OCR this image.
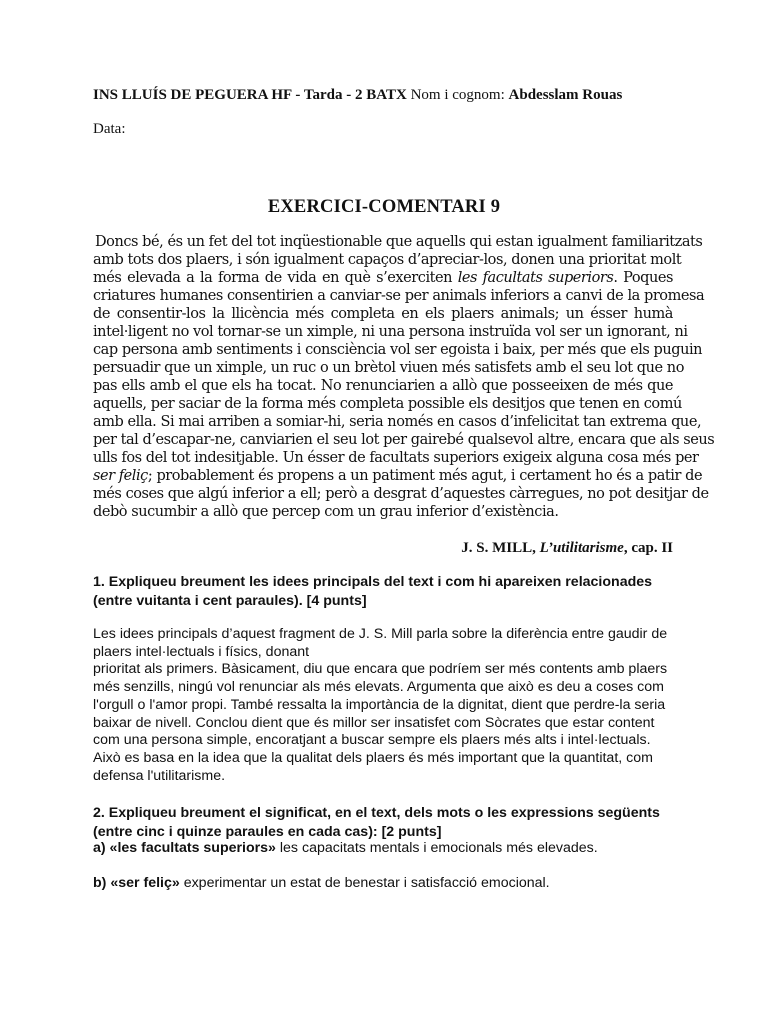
INS LLUÍS DE PEGUERA HF - Tarda - 2 BATX Nom i cognom: Abdesslam Rouas
Data:
EXERCICI-COMENTARI 9
Doncs bé, és un fet del tot inqüestionable que aquells qui estan igualment familiaritzats
amb tots dos plaers, i són igualment capaços d’apreciar-los, donen una prioritat molt
més elevada a la forma de vida en què s’exerciten les facultats superiors. Poques
criatures humanes consentirien a canviar-se per animals inferiors a canvi de la promesa
de consentir-los la llicència més completa en els plaers animals; un ésser humà
intel·ligent no vol tornar-se un ximple, ni una persona instruïda vol ser un ignorant, ni
cap persona amb sentiments i consciència vol ser egoista i baix, per més que els puguin
persuadir que un ximple, un ruc o un brètol viuen més satisfets amb el seu lot que no
pas ells amb el que els ha tocat. No renunciarien a allò que posseeixen de més que
aquells, per saciar de la forma més completa possible els desitjos que tenen en comú
amb ella. Si mai arriben a somiar-hi, seria només en casos d’infelicitat tan extrema que,
per tal d’escapar-ne, canviarien el seu lot per gairebé qualsevol altre, encara que als seus
ulls fos del tot indesitjable. Un ésser de facultats superiors exigeix alguna cosa més per
ser feliç; probablement és propens a un patiment més agut, i certament ho és a patir de
més coses que algú inferior a ell; però a desgrat d’aquestes càrregues, no pot desitjar de
debò sucumbir a allò que percep com un grau inferior d’existència.
J. S. MILL, L’utilitarisme, cap. II
1. Expliqueu breument les idees principals del text i com hi apareixen relacionades
(entre vuitanta i cent paraules). [4 punts]
Les idees principals d’aquest fragment de J. S. Mill parla sobre la diferència entre gaudir de
plaers intel·lectuals i físics, donant
prioritat als primers. Bàsicament, diu que encara que podríem ser més contents amb plaers
més senzills, ningú vol renunciar als més elevats. Argumenta que això es deu a coses com
l'orgull o l'amor propi. També ressalta la importància de la dignitat, dient que perdre-la seria
baixar de nivell. Conclou dient que és millor ser insatisfet com Sòcrates que estar content
com una persona simple, encoratjant a buscar sempre els plaers més alts i intel·lectuals.
Això es basa en la idea que la qualitat dels plaers és més important que la quantitat, com
defensa l'utilitarisme.
2. Expliqueu breument el significat, en el text, dels mots o les expressions següents
(entre cinc i quinze paraules en cada cas): [2 punts]
a) «les facultats superiors» les capacitats mentals i emocionals més elevades.
b) «ser feliç» experimentar un estat de benestar i satisfacció emocional.
